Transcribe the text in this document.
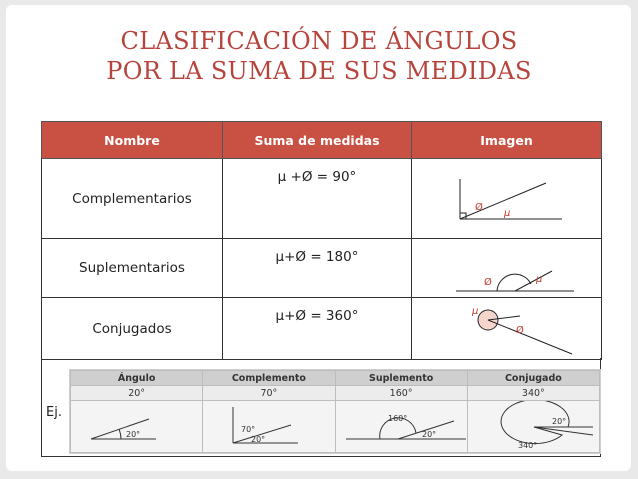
CLASIFICACIÓN DE ÁNGULOS
POR LA SUMA DE SUS MEDIDAS
Nombre	Suma de medidas	Imagen

Complementarios	μ +Ø = 90°	Ø
μ

Suplementarios	μ+Ø = 180°	Ø μ

Conjugados	μ+Ø = 360°	μ
Ø
Ej.
Ángulo	Complemento	Suplemento	Conjugado
20°	70°	160°	340°

20°	70°
20°	160°
20°	20°
340°
